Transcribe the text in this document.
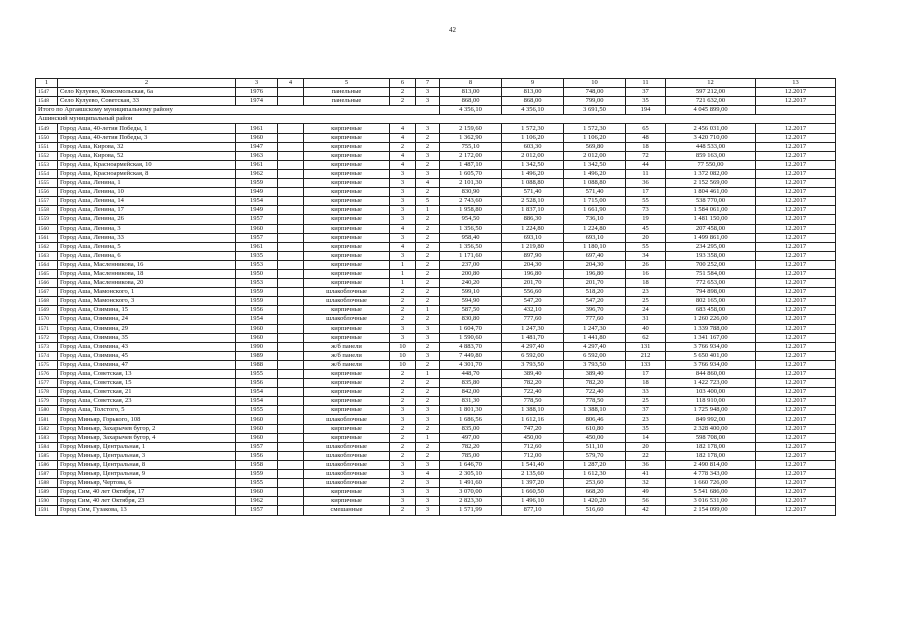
42
1	2	3	4	5	6	7	8	9	10	11	12	13
1547	Село Кулуево, Комсомольская, 6а	1976		панельные	2	3	813,00	813,00	748,00	37	597 212,00	12.2017
1548	Село Кулуево, Советская, 33	1974		панельные	2	3	868,00	868,00	799,00	35	721 632,00	12.2017
Итого по Аргаяшскому муниципальному району							4 356,10	4 356,10	3 691,50	194	4 045 899,00	
Ашинский муниципальный район												
1549	Город Аша, 40-летия Победы, 1	1961		кирпичные	4	3	2 159,60	1 572,30	1 572,30	65	2 456 031,00	12.2017
1550	Город Аша, 40-летия Победы, 3	1960		кирпичные	4	2	1 362,90	1 106,20	1 106,20	48	3 420 710,00	12.2017
1551	Город Аша, Кирова, 32	1947		кирпичные	2	2	755,10	603,30	569,80	18	448 533,00	12.2017
1552	Город Аша, Кирова, 52	1963		кирпичные	4	3	2 172,00	2 012,00	2 012,00	72	859 163,00	12.2017
1553	Город Аша, Красноармейская, 10	1961		кирпичные	4	2	1 487,10	1 342,50	1 342,50	44	77 550,00	12.2017
1554	Город Аша, Красноармейская, 8	1962		кирпичные	3	3	1 605,70	1 496,20	1 496,20	11	1 372 082,00	12.2017
1555	Город Аша, Ленина, 1	1959		кирпичные	3	4	2 101,30	1 088,80	1 088,80	36	2 152 569,00	12.2017
1556	Город Аша, Ленина, 10	1949		кирпичные	3	2	830,90	571,40	571,40	17	1 804 461,00	12.2017
1557	Город Аша, Ленина, 14	1954		кирпичные	3	5	2 743,60	2 528,10	1 715,00	55	538 770,00	12.2017
1558	Город Аша, Ленина, 17	1949		кирпичные	3	1	1 958,80	1 837,10	1 661,90	73	1 584 061,00	12.2017
1559	Город Аша, Ленина, 26	1957		кирпичные	3	2	954,50	886,30	736,10	19	1 481 150,00	12.2017
1560	Город Аша, Ленина, 3	1960		кирпичные	4	2	1 356,50	1 224,80	1 224,80	45	207 458,00	12.2017
1561	Город Аша, Ленина, 33	1957		кирпичные	3	2	958,40	693,10	693,10	20	1 499 861,00	12.2017
1562	Город Аша, Ленина, 5	1961		кирпичные	4	2	1 356,50	1 219,80	1 180,10	55	234 295,00	12.2017
1563	Город Аша, Ленина, 6	1935		кирпичные	3	2	1 171,60	897,90	697,40	34	193 358,00	12.2017
1564	Город Аша, Масленникова, 16	1953		кирпичные	1	2	237,00	204,30	204,30	26	700 252,00	12.2017
1565	Город Аша, Масленникова, 18	1950		кирпичные	1	2	200,80	196,80	196,80	16	751 584,00	12.2017
1566	Город Аша, Масленникова, 20	1953		кирпичные	1	2	240,20	201,70	201,70	18	772 653,00	12.2017
1567	Город Аша, Мамонского, 1	1959		шлакоблочные	2	2	599,10	556,60	518,20	23	794 898,00	12.2017
1568	Город Аша, Мамонского, 3	1959		шлакоблочные	2	2	594,90	547,20	547,20	25	802 165,00	12.2017
1569	Город Аша, Озимина, 15	1956		кирпичные	2	1	587,50	432,10	396,70	24	683 458,00	12.2017
1570	Город Аша, Озимина, 24	1954		шлакоблочные	2	2	830,80	777,60	777,60	31	1 260 226,00	12.2017
1571	Город Аша, Озимина, 29	1960		кирпичные	3	3	1 604,70	1 247,30	1 247,30	40	1 339 788,00	12.2017
1572	Город Аша, Озимина, 35	1960		кирпичные	3	3	1 590,60	1 481,70	1 441,80	62	1 341 167,00	12.2017
1573	Город Аша, Озимина, 43	1990		ж/б панели	10	2	4 883,70	4 297,40	4 297,40	131	3 766 934,00	12.2017
1574	Город Аша, Озимина, 45	1989		ж/б панели	10	3	7 449,80	6 592,00	6 592,00	212	5 650 401,00	12.2017
1575	Город Аша, Озимина, 47	1988		ж/б панели	10	2	4 301,70	3 793,50	3 793,50	133	3 766 934,00	12.2017
1576	Город Аша, Советская, 13	1955		кирпичные	2	1	448,70	389,40	389,40	17	844 860,00	12.2017
1577	Город Аша, Советская, 15	1956		кирпичные	2	2	835,80	782,20	782,20	18	1 422 723,00	12.2017
1578	Город Аша, Советская, 21	1954		кирпичные	2	2	842,00	722,40	722,40	33	103 400,00	12.2017
1579	Город Аша, Советская, 23	1954		кирпичные	2	2	831,30	778,50	778,50	25	118 910,00	12.2017
1580	Город Аша, Толстого, 5	1955		кирпичные	3	3	1 801,30	1 388,10	1 388,10	37	1 725 948,00	12.2017
1581	Город Миньяр, Горького, 108	1960		шлакоблочные	3	3	1 686,56	1 612,16	806,46	23	849 992,00	12.2017
1582	Город Миньяр, Захарычев бугор, 2	1960		кирпичные	2	2	835,00	747,20	610,80	35	2 328 400,00	12.2017
1583	Город Миньяр, Захарычев бугор, 4	1960		кирпичные	2	1	497,00	450,00	450,00	14	598 708,00	12.2017
1584	Город Миньяр, Центральная, 1	1957		шлакоблочные	2	2	782,20	712,60	511,10	20	182 178,00	12.2017
1585	Город Миньяр, Центральная, 3	1956		шлакоблочные	2	2	785,00	712,00	579,70	22	182 178,00	12.2017
1586	Город Миньяр, Центральная, 8	1958		шлакоблочные	3	3	1 646,70	1 541,40	1 287,20	36	2 490 814,00	12.2017
1587	Город Миньяр, Центральная, 9	1959		шлакоблочные	3	4	2 305,10	2 135,60	1 612,30	41	4 778 343,00	12.2017
1588	Город Миньяр, Чертова, 6	1955		шлакоблочные	2	3	1 491,60	1 397,20	253,60	32	1 660 726,00	12.2017
1589	Город Сим, 40 лет Октября, 17	1960		кирпичные	3	3	3 070,00	1 660,50	668,20	49	5 541 686,00	12.2017
1590	Город Сим, 40 лет Октября, 23	1962		кирпичные	3	3	2 823,30	1 496,10	1 420,20	56	3 016 531,00	12.2017
1591	Город Сим, Гузакова, 13	1957		смешанные	2	3	1 571,99	877,10	516,60	42	2 154 099,00	12.2017
